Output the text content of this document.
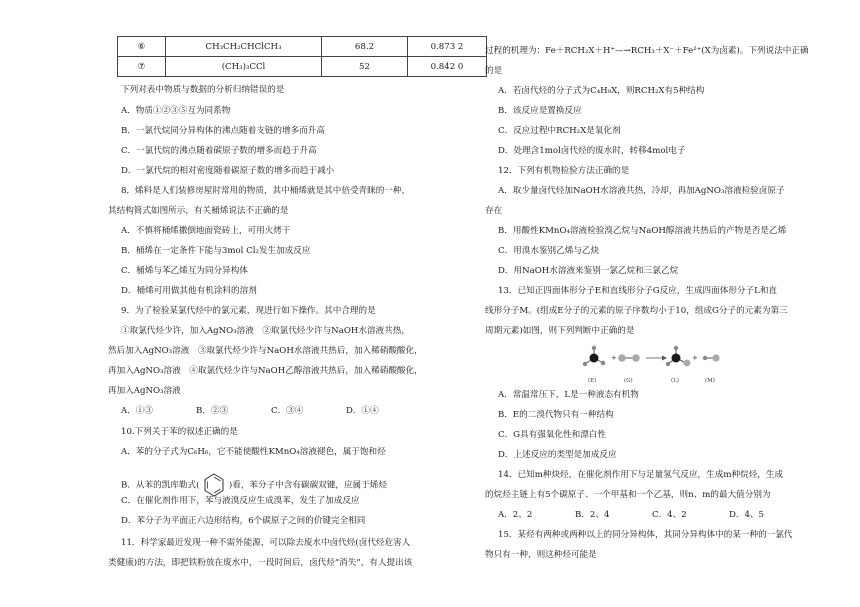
⑥	CH₃CH₂CHClCH₃	68.2	0.873 2
⑦	(CH₃)₃CCl	52	0.842 0
下列对表中物质与数据的分析归纳错误的是
A．物质①②③⑤互为同系物
B．一氯代烷同分异构体的沸点随着支链的增多而升高
C．一氯代烷的沸点随着碳原子数的增多而趋于升高
D．一氯代烷的相对密度随着碳原子数的增多而趋于减小
8．烯料是人们装修房屋时常用的物质，其中桶烯就是其中倍受青睐的一种，
其结构简式如图所示，有关桶烯说法不正确的是
A．不慎将桶烯撒倒地面瓷砖上，可用火烤干
B．桶烯在一定条件下能与3mol Cl₂发生加成反应
C．桶烯与苯乙烯互为同分异构体
D．桶烯可用做其他有机涂料的溶剂
9．为了检验某氯代烃中的氯元素，现进行如下操作。其中合理的是
①取氯代烃少许，加入AgNO₃溶液　②取氯代烃少许与NaOH水溶液共热，
然后加入AgNO₃溶液　③取氯代烃少许与NaOH水溶液共热后，加入稀硝酸酸化，
再加入AgNO₃溶液　④取氯代烃少许与NaOH乙醇溶液共热后，加入稀硝酸酸化，
再加入AgNO₃溶液
A．①③	B．②③	C．③④	D．①④
10.下列关于苯的叙述正确的是
A．苯的分子式为C₆H₆，它不能使酸性KMnO₄溶液褪色，属于饱和烃
B．从苯的凯库勒式(	)看，苯分子中含有碳碳双键，应属于烯烃
C．在催化剂作用下，苯与液溴反应生成溴苯，发生了加成反应
D．苯分子为平面正六边形结构，6个碳原子之间的价键完全相同
11．科学家最近发现一种不需外能源，可以除去废水中卤代烃(卤代烃危害人
类健康)的方法，即把铁粉放在废水中，一段时间后，卤代烃“消失”，有人提出该
过程的机理为：Fe＋RCH₂X＋H⁺—→RCH₃＋X⁻＋Fe²⁺(X为卤素)。下列说法中正确
的是
A．若卤代烃的分子式为C₄H₉X，则RCH₂X有5种结构
B．该反应是置换反应
C．反应过程中RCH₂X是氧化剂
D．处理含1mol卤代烃的废水时，转移4mol电子
12．下列有机物检验方法正确的是
A．取少量卤代烃加NaOH水溶液共热，冷却，再加AgNO₃溶液检验卤原子
存在
B．用酸性KMnO₄溶液检验溴乙烷与NaOH醇溶液共热后的产物是否是乙烯
C．用溴水鉴别乙烯与乙炔
D．用NaOH水溶液来鉴别一氯乙烷和三氯乙烷
13．已知正四面体形分子E和直线形分子G反应，生成四面体形分子L和直
线形分子M。(组成E分子的元素的原子序数均小于10，组成G分子的元素为第三
周期元素)如图，则下列判断中正确的是
+	+
(E)	(G)	(L)	(M)
A．常温常压下，L是一种液态有机物
B．E的二溴代物只有一种结构
C．G具有强氧化性和漂白性
D．上述反应的类型是加成反应
14．已知m种炔烃，在催化剂作用下与足量氢气反应，生成m种烷烃，生成
的烷烃主链上有5个碳原子、一个甲基和一个乙基，则n、m的最大值分别为
A．2、2	B．2、4	C．4、2	D．4、5
15．某烃有两种或两种以上的同分异构体，其同分异构体中的某一种的一氯代
物只有一种，则这种烃可能是
